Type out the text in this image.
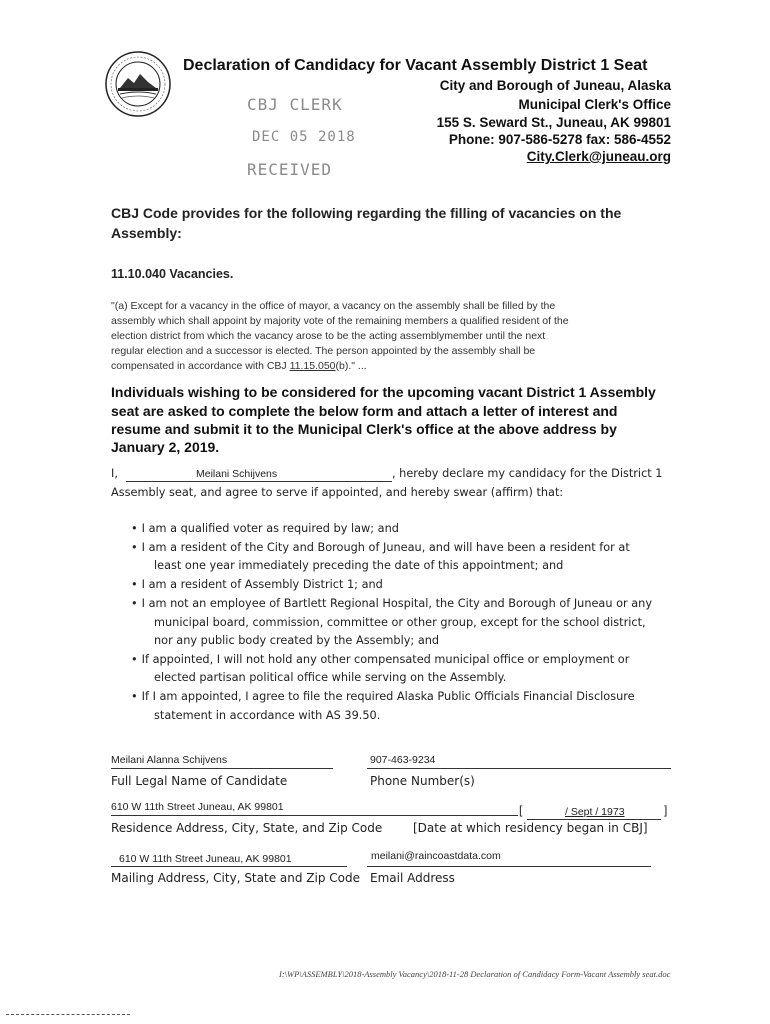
Declaration of Candidacy for Vacant Assembly District 1 Seat
City and Borough of Juneau, Alaska
Municipal Clerk's Office
155 S. Seward St., Juneau, AK 99801
Phone: 907-586-5278 fax: 586-4552
City.Clerk@juneau.org
CBJ CLERK
DEC 05 2018
RECEIVED
CBJ Code provides for the following regarding the filling of vacancies on the
Assembly:
11.10.040 Vacancies.
"(a) Except for a vacancy in the office of mayor, a vacancy on the assembly shall be filled by the
assembly which shall appoint by majority vote of the remaining members a qualified resident of the
election district from which the vacancy arose to be the acting assemblymember until the next
regular election and a successor is elected. The person appointed by the assembly shall be
compensated in accordance with CBJ 11.15.050(b)." ...
Individuals wishing to be considered for the upcoming vacant District 1 Assembly
seat are asked to complete the below form and attach a letter of interest and
resume and submit it to the Municipal Clerk's office at the above address by
January 2, 2019.
I,	Meilani Schijvens	, hereby declare my candidacy for the District 1
Assembly seat, and agree to serve if appointed, and hereby swear (affirm) that:
• I am a qualified voter as required by law; and
• I am a resident of the City and Borough of Juneau, and will have been a resident for at
least one year immediately preceding the date of this appointment; and
• I am a resident of Assembly District 1; and
• I am not an employee of Bartlett Regional Hospital, the City and Borough of Juneau or any
municipal board, commission, committee or other group, except for the school district,
nor any public body created by the Assembly; and
• If appointed, I will not hold any other compensated municipal office or employment or
elected partisan political office while serving on the Assembly.
• If I am appointed, I agree to file the required Alaska Public Officials Financial Disclosure
statement in accordance with AS 39.50.
Meilani Alanna Schijvens
Full Legal Name of Candidate
907-463-9234
Phone Number(s)
610 W 11th Street Juneau, AK 99801
Residence Address, City, State, and Zip Code
[	/ Sept / 1973	]
[Date at which residency began in CBJ]
610 W 11th Street Juneau, AK 99801
Mailing Address, City, State and Zip Code
meilani@raincoastdata.com
Email Address
I:\WP\ASSEMBLY\2018-Assembly Vacancy\2018-11-28 Declaration of Candidacy Form-Vacant Assembly seat.doc
